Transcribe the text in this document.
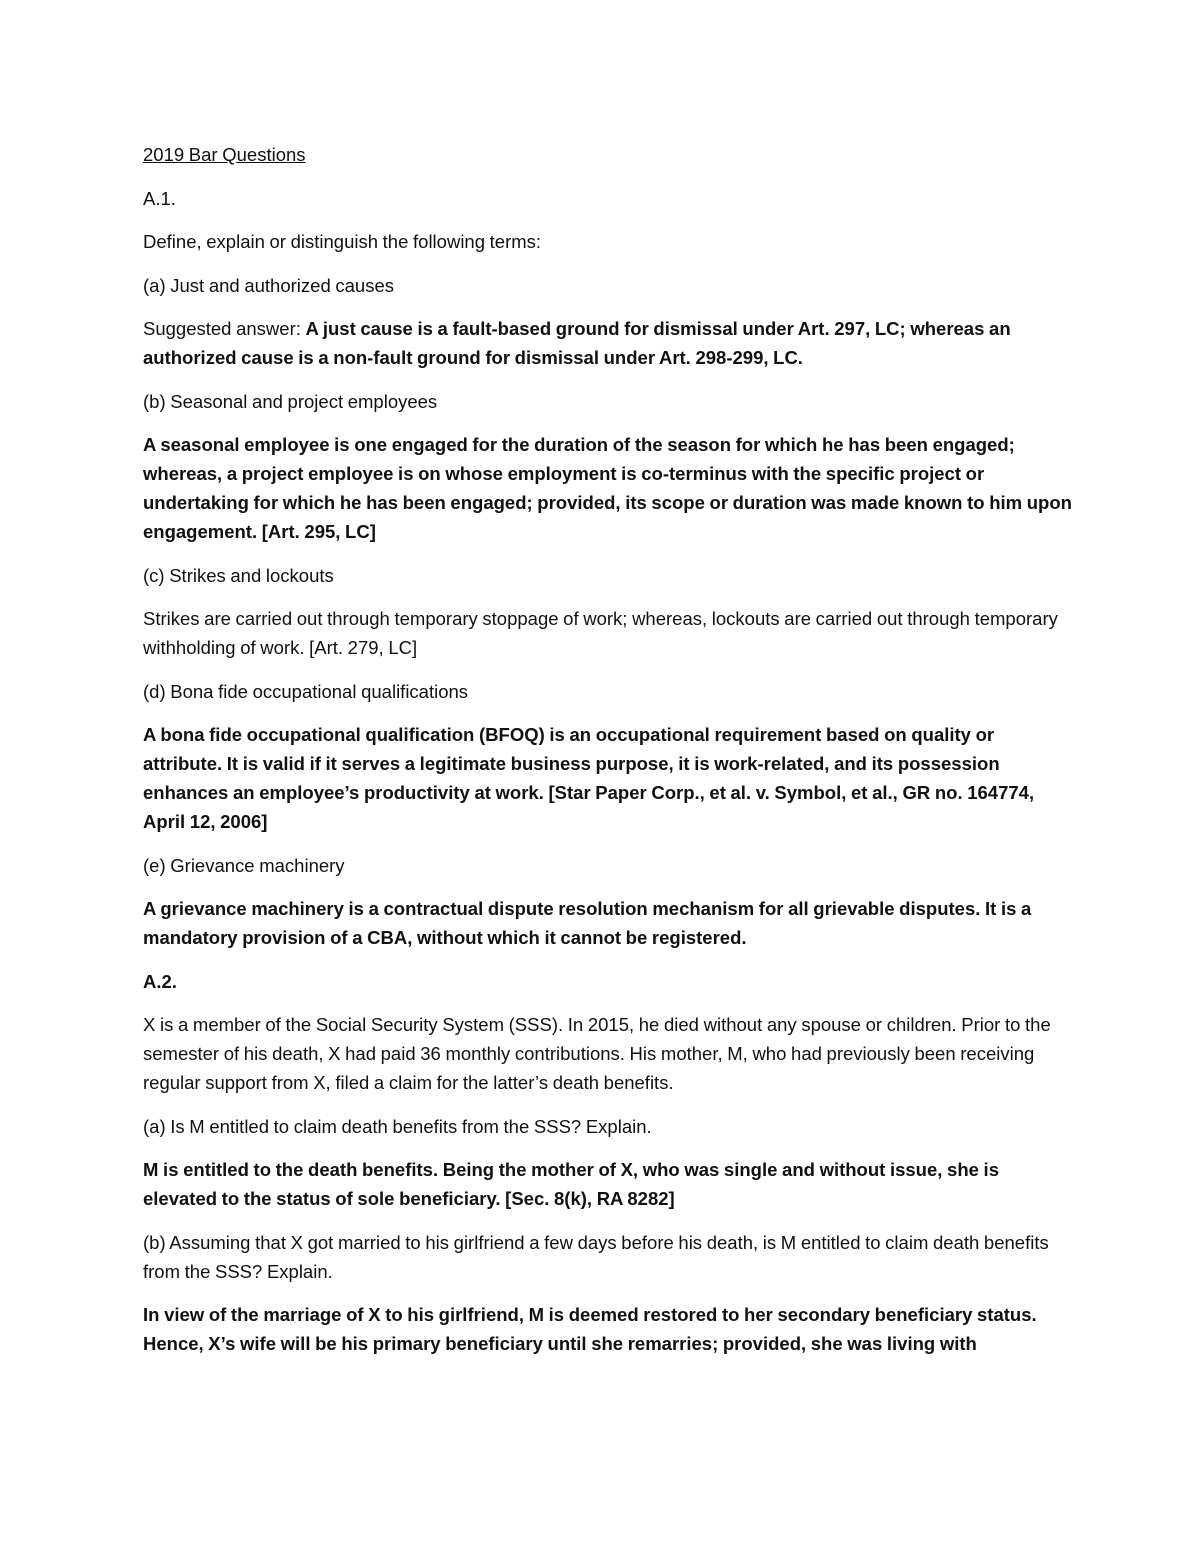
2019 Bar Questions

A.1.

Define, explain or distinguish the following terms:

(a) Just and authorized causes

Suggested answer: A just cause is a fault-based ground for dismissal under Art. 297, LC; whereas an authorized cause is a non-fault ground for dismissal under Art. 298-299, LC.

(b) Seasonal and project employees

A seasonal employee is one engaged for the duration of the season for which he has been engaged; whereas, a project employee is on whose employment is co-terminus with the specific project or undertaking for which he has been engaged; provided, its scope or duration was made known to him upon engagement. [Art. 295, LC]

(c) Strikes and lockouts

Strikes are carried out through temporary stoppage of work; whereas, lockouts are carried out through temporary withholding of work. [Art. 279, LC]

(d) Bona fide occupational qualifications

A bona fide occupational qualification (BFOQ) is an occupational requirement based on quality or attribute. It is valid if it serves a legitimate business purpose, it is work-related, and its possession enhances an employee’s productivity at work. [Star Paper Corp., et al. v. Symbol, et al., GR no. 164774, April 12, 2006]

(e) Grievance machinery

A grievance machinery is a contractual dispute resolution mechanism for all grievable disputes. It is a mandatory provision of a CBA, without which it cannot be registered.

A.2.

X is a member of the Social Security System (SSS). In 2015, he died without any spouse or children. Prior to the semester of his death, X had paid 36 monthly contributions. His mother, M, who had previously been receiving regular support from X, filed a claim for the latter’s death benefits.

(a) Is M entitled to claim death benefits from the SSS? Explain.

M is entitled to the death benefits. Being the mother of X, who was single and without issue, she is elevated to the status of sole beneficiary. [Sec. 8(k), RA 8282]

(b) Assuming that X got married to his girlfriend a few days before his death, is M entitled to claim death benefits from the SSS? Explain.

In view of the marriage of X to his girlfriend, M is deemed restored to her secondary beneficiary status. Hence, X’s wife will be his primary beneficiary until she remarries; provided, she was living with
